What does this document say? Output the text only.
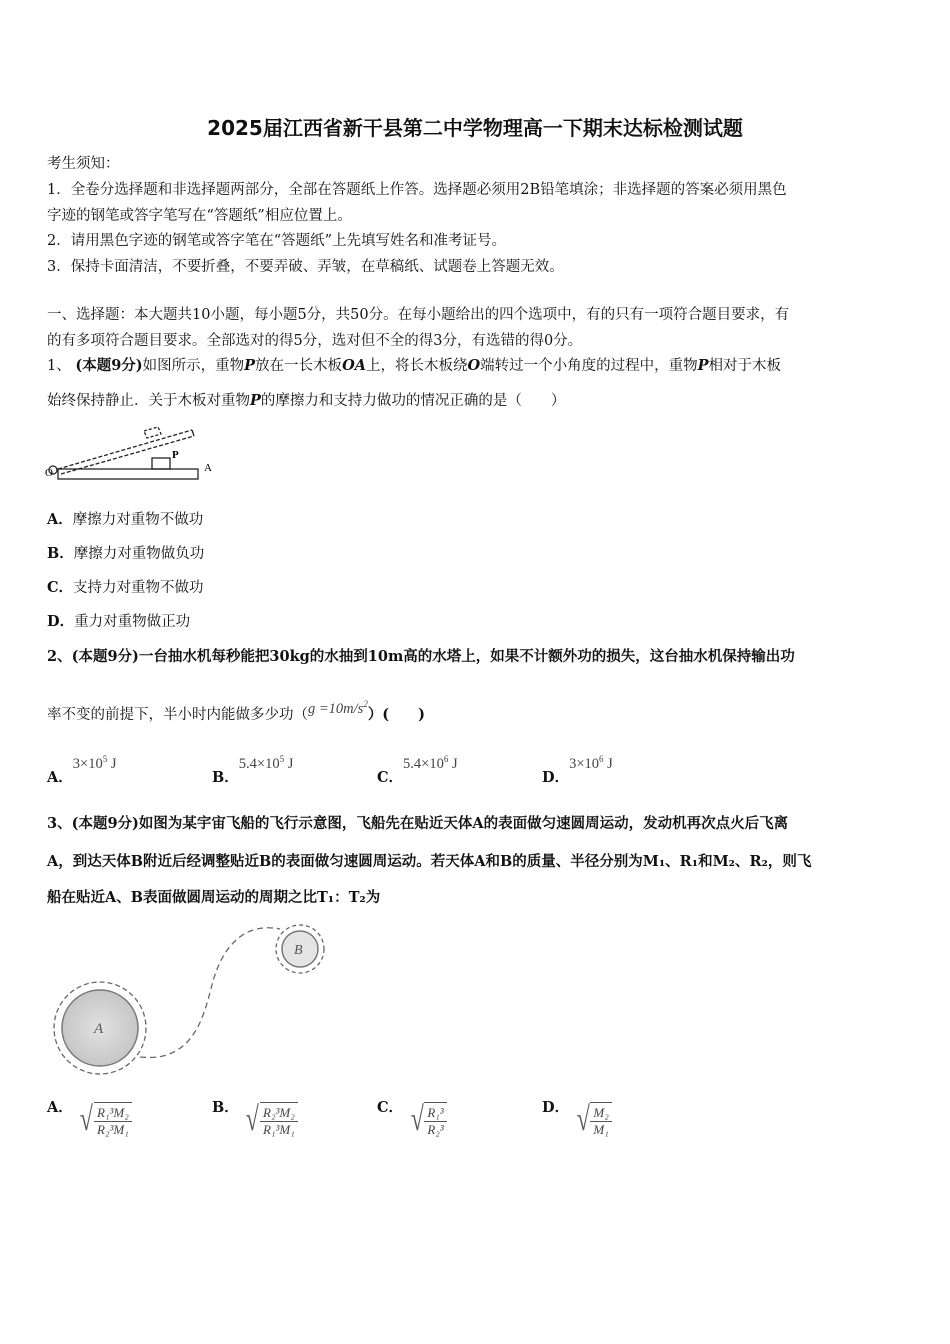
2025届江西省新干县第二中学物理高一下期末达标检测试题
考生须知：
1．全卷分选择题和非选择题两部分，全部在答题纸上作答。选择题必须用2B铅笔填涂；非选择题的答案必须用黑色
字迹的钢笔或答字笔写在“答题纸”相应位置上。
2．请用黑色字迹的钢笔或答字笔在“答题纸”上先填写姓名和准考证号。
3．保持卡面清洁，不要折叠，不要弄破、弄皱，在草稿纸、试题卷上答题无效。
一、选择题：本大题共10小题，每小题5分，共50分。在每小题给出的四个选项中，有的只有一项符合题目要求，有
的有多项符合题目要求。全部选对的得5分，选对但不全的得3分，有选错的得0分。
1、 (本题9分)如图所示，重物P放在一长木板OA上，将长木板绕O端转过一个小角度的过程中，重物P相对于木板
始终保持静止．关于木板对重物P的摩擦力和支持力做功的情况正确的是（　　）
O
P
A
A．摩擦力对重物不做功
B．摩擦力对重物做负功
C．支持力对重物不做功
D．重力对重物做正功
2、(本题9分)一台抽水机每秒能把30kg的水抽到10m高的水塔上，如果不计额外功的损失，这台抽水机保持输出功
率不变的前提下，半小时内能做多少功$(g =10m/s^2)$(　　)
A．$3\times 10^5$ J
B．$5.4\times 10^5$ J
C．$5.4\times 10^6$ J
D．$3\times 10^6$ J
3、(本题9分)如图为某宇宙飞船的飞行示意图，飞船先在贴近天体A的表面做匀速圆周运动，发动机再次点火后飞离
A，到达天体B附近后经调整贴近B的表面做匀速圆周运动。若天体A和B的质量、半径分别为M₁、R₁和M₂、R₂，则飞
船在贴近A、B表面做圆周运动的周期之比T₁：T₂为
A
B
A． √ $\frac{\text{R₁³M₂}}{\text{R₂³M₁}}$	B． √ $\frac{\text{R₂³M₂}}{\text{R₁³M₁}}$	C． √ $\frac{\text{R₁³}}{\text{R₂³}}$	D． √ $\frac{\text{M₂}}{\text{M₁}}$
